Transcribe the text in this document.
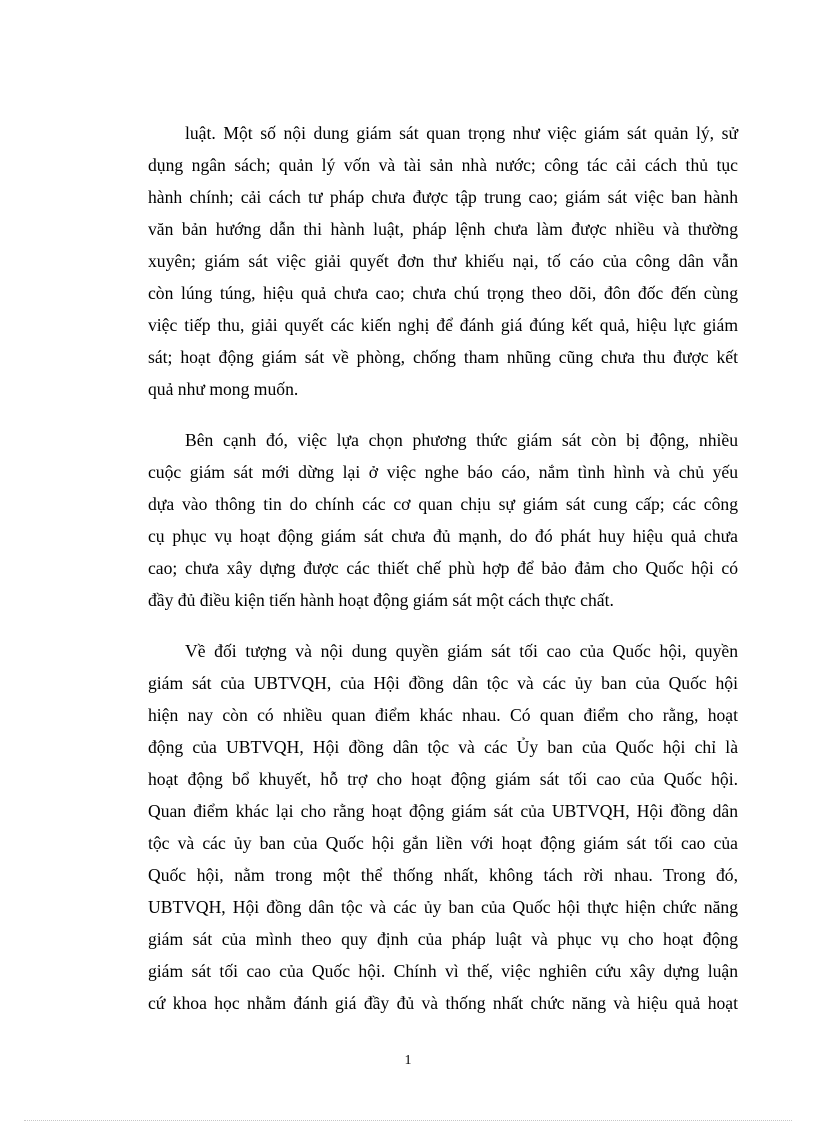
luật. Một số nội dung giám sát quan trọng như việc giám sát quản lý, sử
dụng ngân sách; quản lý vốn và tài sản nhà nước; công tác cải cách thủ tục
hành chính; cải cách tư pháp chưa được tập trung cao; giám sát việc ban hành
văn bản hướng dẫn thi hành luật, pháp lệnh chưa làm được nhiều và thường
xuyên; giám sát việc giải quyết đơn thư khiếu nại, tố cáo của công dân vẫn
còn lúng túng, hiệu quả chưa cao; chưa chú trọng theo dõi, đôn đốc đến cùng
việc tiếp thu, giải quyết các kiến nghị để đánh giá đúng kết quả, hiệu lực giám
sát; hoạt động giám sát về phòng, chống tham nhũng cũng chưa thu được kết
quả như mong muốn.
Bên cạnh đó, việc lựa chọn phương thức giám sát còn bị động, nhiều
cuộc giám sát mới dừng lại ở việc nghe báo cáo, nắm tình hình và chủ yếu
dựa vào thông tin do chính các cơ quan chịu sự giám sát cung cấp; các công
cụ phục vụ hoạt động giám sát chưa đủ mạnh, do đó phát huy hiệu quả chưa
cao; chưa xây dựng được các thiết chế phù hợp để bảo đảm cho Quốc hội có
đầy đủ điều kiện tiến hành hoạt động giám sát một cách thực chất.
Về đối tượng và nội dung quyền giám sát tối cao của Quốc hội, quyền
giám sát của UBTVQH, của Hội đồng dân tộc và các ủy ban của Quốc hội
hiện nay còn có nhiều quan điểm khác nhau. Có quan điểm cho rằng, hoạt
động của UBTVQH, Hội đồng dân tộc và các Ủy ban của Quốc hội chỉ là
hoạt động bổ khuyết, hỗ trợ cho hoạt động giám sát tối cao của Quốc hội.
Quan điểm khác lại cho rằng hoạt động giám sát của UBTVQH, Hội đồng dân
tộc và các ủy ban của Quốc hội gắn liền với hoạt động giám sát tối cao của
Quốc hội, nằm trong một thể thống nhất, không tách rời nhau. Trong đó,
UBTVQH, Hội đồng dân tộc và các ủy ban của Quốc hội thực hiện chức năng
giám sát của mình theo quy định của pháp luật và phục vụ cho hoạt động
giám sát tối cao của Quốc hội. Chính vì thế, việc nghiên cứu xây dựng luận
cứ khoa học nhằm đánh giá đầy đủ và thống nhất chức năng và hiệu quả hoạt
1
